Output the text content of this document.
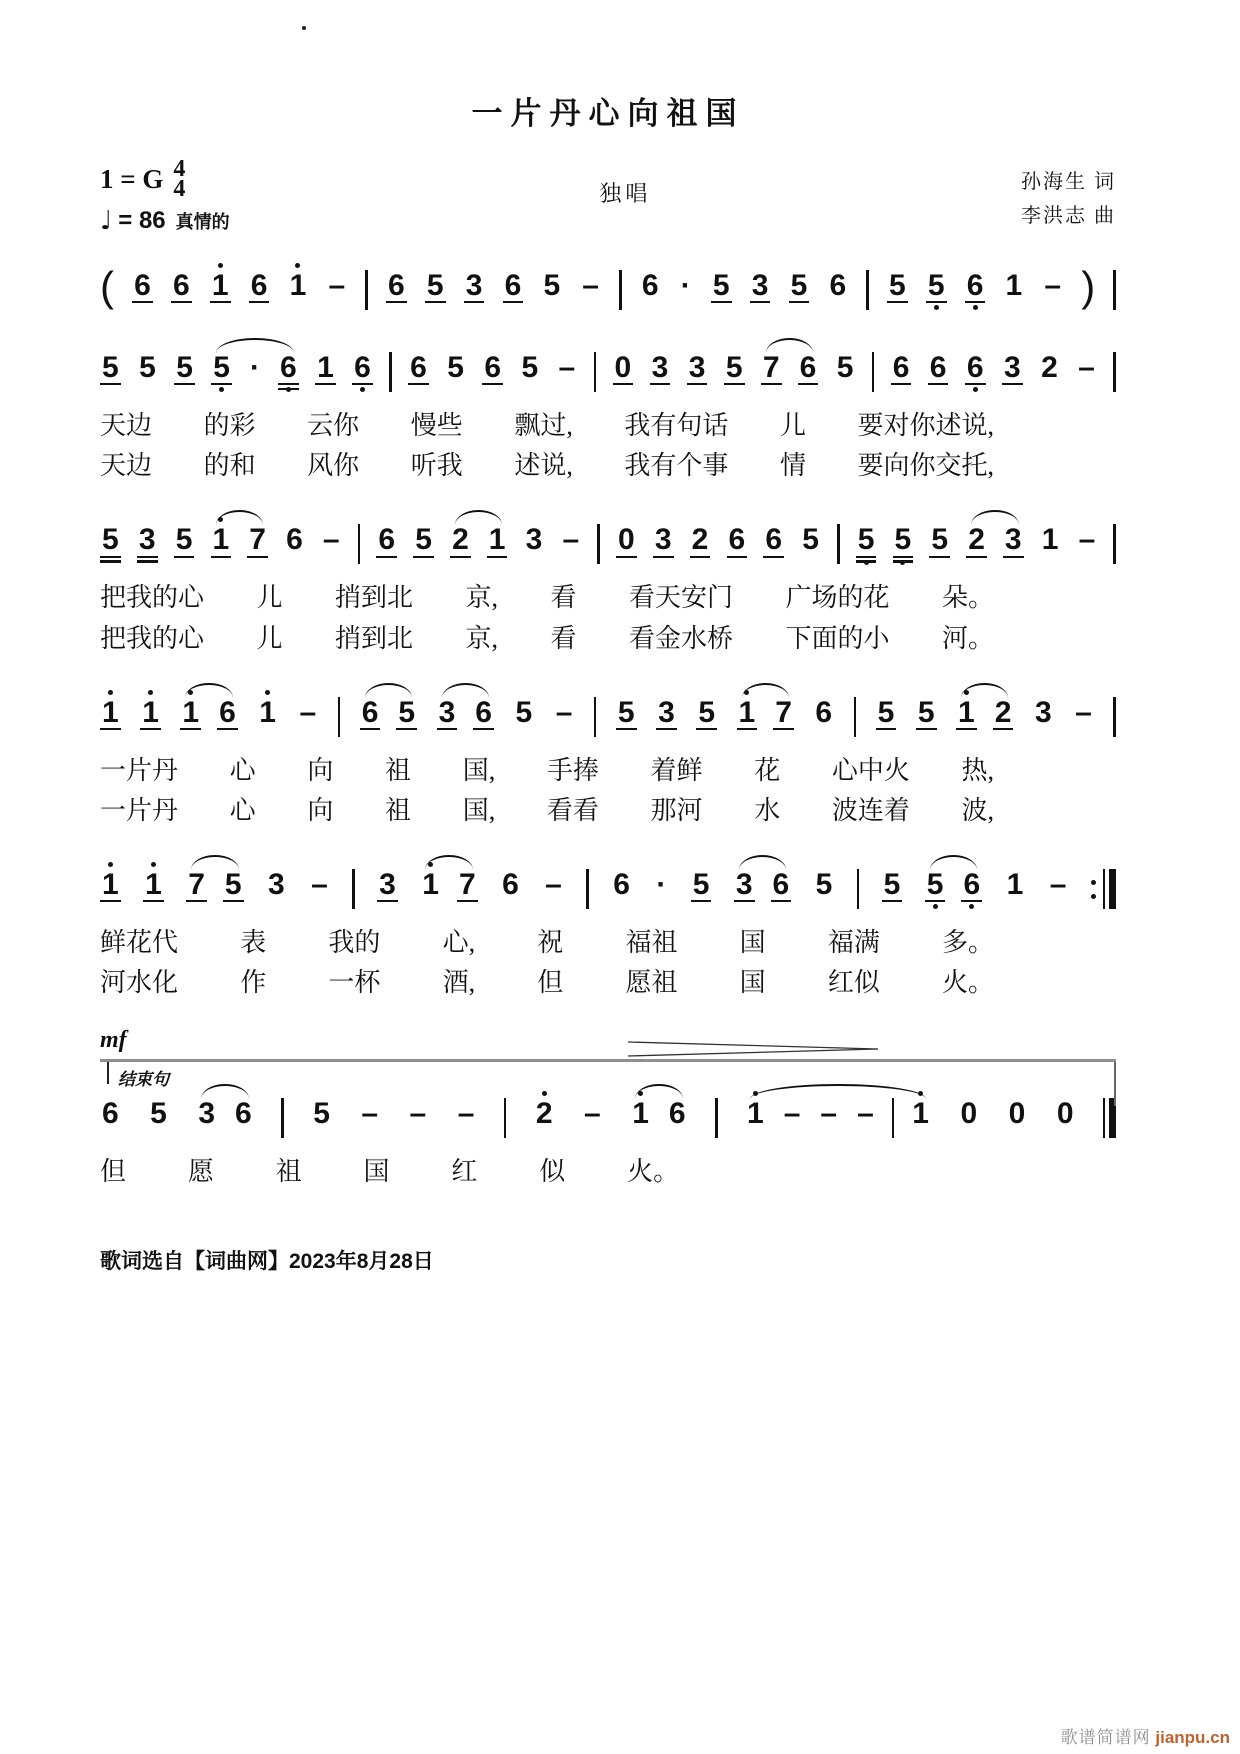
一片丹心向祖国
1 = G 4
4
♩ = 86 真情的
独唱	孙海生 词
李洪志 曲
( 6 6 1 6 1 – 6 5 3 6 5 – 6 · 5 3 5 6 5 5 6 1 – )
5 5 5 5 · 6 1 6 6 5 6 5 – 0 3 3 5 7 6 5 6 6 6 3 2 –
天边 的彩 云你 慢些 飘过, 我有句话 儿 要对你述说,
天边 的和 风你 听我 述说, 我有个事 情 要向你交托,
5 3 5 1 7 6 – 6 5 2 1 3 – 0 3 2 6 6 5 5 5 5 2 3 1 –
把我的心 儿 捎到北 京, 看 看天安门 广场的花 朵。
把我的心 儿 捎到北 京, 看 看金水桥 下面的小 河。
1 1 1 6 1 – 6 5 3 6 5 – 5 3 5 1 7 6 5 5 1 2 3 –
一片丹 心 向 祖 国, 手捧 着鲜 花 心中火 热,
一片丹 心 向 祖 国, 看看 那河 水 波连着 波,
1 1 7 5 3 – 3 1 7 6 – 6 · 5 3 6 5 5 5 6 1 –
鲜花代 表 我的 心, 祝 福祖 国 福满 多。
河水化 作 一杯 酒, 但 愿祖 国 红似 火。
mf
结束句
6 5 3 6 5 – – – 2 – 1 6 1 – – – 1 0 0 0
但 愿 祖 国 红 似 火。
歌词选自【词曲网】2023年8月28日
歌谱简谱网 jianpu.cn
